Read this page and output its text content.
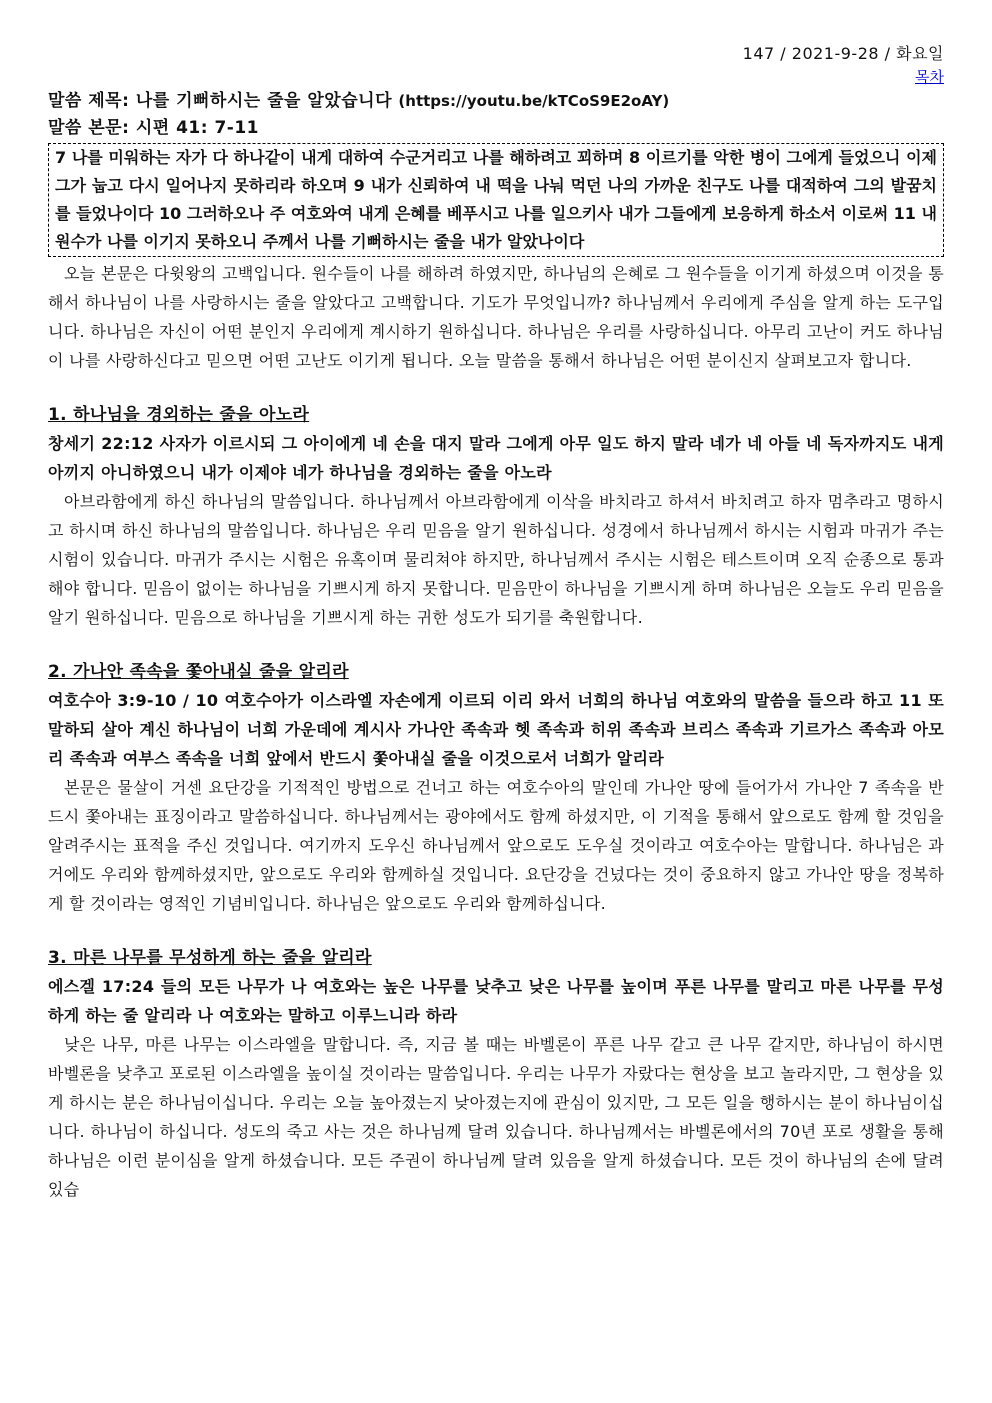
147 / 2021-9-28 / 화요일
목차
말씀 제목: 나를 기뻐하시는 줄을 알았습니다 (https://youtu.be/kTCoS9E2oAY)
말씀 본문: 시편 41: 7-11
7 나를 미워하는 자가 다 하나같이 내게 대하여 수군거리고 나를 해하려고 꾀하며 8 이르기를 악한 병이 그에게 들었으니 이제 그가 눕고 다시 일어나지 못하리라 하오며 9 내가 신뢰하여 내 떡을 나눠 먹던 나의 가까운 친구도 나를 대적하여 그의 발꿈치를 들었나이다 10 그러하오나 주 여호와여 내게 은혜를 베푸시고 나를 일으키사 내가 그들에게 보응하게 하소서 이로써 11 내 원수가 나를 이기지 못하오니 주께서 나를 기뻐하시는 줄을 내가 알았나이다
오늘 본문은 다윗왕의 고백입니다. 원수들이 나를 해하려 하였지만, 하나님의 은혜로 그 원수들을 이기게 하셨으며 이것을 통해서 하나님이 나를 사랑하시는 줄을 알았다고 고백합니다. 기도가 무엇입니까? 하나님께서 우리에게 주심을 알게 하는 도구입니다. 하나님은 자신이 어떤 분인지 우리에게 계시하기 원하십니다. 하나님은 우리를 사랑하십니다. 아무리 고난이 커도 하나님이 나를 사랑하신다고 믿으면 어떤 고난도 이기게 됩니다. 오늘 말씀을 통해서 하나님은 어떤 분이신지 살펴보고자 합니다.
1. 하나님을 경외하는 줄을 아노라
창세기 22:12 사자가 이르시되 그 아이에게 네 손을 대지 말라 그에게 아무 일도 하지 말라 네가 네 아들 네 독자까지도 내게 아끼지 아니하였으니 내가 이제야 네가 하나님을 경외하는 줄을 아노라
아브라함에게 하신 하나님의 말씀입니다. 하나님께서 아브라함에게 이삭을 바치라고 하셔서 바치려고 하자 멈추라고 명하시고 하시며 하신 하나님의 말씀입니다. 하나님은 우리 믿음을 알기 원하십니다. 성경에서 하나님께서 하시는 시험과 마귀가 주는 시험이 있습니다. 마귀가 주시는 시험은 유혹이며 물리쳐야 하지만, 하나님께서 주시는 시험은 테스트이며 오직 순종으로 통과해야 합니다. 믿음이 없이는 하나님을 기쁘시게 하지 못합니다. 믿음만이 하나님을 기쁘시게 하며 하나님은 오늘도 우리 믿음을 알기 원하십니다. 믿음으로 하나님을 기쁘시게 하는 귀한 성도가 되기를 축원합니다.
2. 가나안 족속을 쫓아내실 줄을 알리라
여호수아 3:9-10 / 10 여호수아가 이스라엘 자손에게 이르되 이리 와서 너희의 하나님 여호와의 말씀을 들으라 하고 11 또 말하되 살아 계신 하나님이 너희 가운데에 계시사 가나안 족속과 헷 족속과 히위 족속과 브리스 족속과 기르가스 족속과 아모리 족속과 여부스 족속을 너희 앞에서 반드시 쫓아내실 줄을 이것으로서 너희가 알리라
본문은 물살이 거센 요단강을 기적적인 방법으로 건너고 하는 여호수아의 말인데 가나안 땅에 들어가서 가나안 7 족속을 반드시 쫓아내는 표징이라고 말씀하십니다. 하나님께서는 광야에서도 함께 하셨지만, 이 기적을 통해서 앞으로도 함께 할 것임을 알려주시는 표적을 주신 것입니다. 여기까지 도우신 하나님께서 앞으로도 도우실 것이라고 여호수아는 말합니다. 하나님은 과거에도 우리와 함께하셨지만, 앞으로도 우리와 함께하실 것입니다. 요단강을 건넜다는 것이 중요하지 않고 가나안 땅을 정복하게 할 것이라는 영적인 기념비입니다. 하나님은 앞으로도 우리와 함께하십니다.
3. 마른 나무를 무성하게 하는 줄을 알리라
에스겔 17:24 들의 모든 나무가 나 여호와는 높은 나무를 낮추고 낮은 나무를 높이며 푸른 나무를 말리고 마른 나무를 무성하게 하는 줄 알리라 나 여호와는 말하고 이루느니라 하라
낮은 나무, 마른 나무는 이스라엘을 말합니다. 즉, 지금 볼 때는 바벨론이 푸른 나무 같고 큰 나무 같지만, 하나님이 하시면 바벨론을 낮추고 포로된 이스라엘을 높이실 것이라는 말씀입니다. 우리는 나무가 자랐다는 현상을 보고 놀라지만, 그 현상을 있게 하시는 분은 하나님이십니다. 우리는 오늘 높아졌는지 낮아졌는지에 관심이 있지만, 그 모든 일을 행하시는 분이 하나님이십니다. 하나님이 하십니다. 성도의 죽고 사는 것은 하나님께 달려 있습니다. 하나님께서는 바벨론에서의 70년 포로 생활을 통해 하나님은 이런 분이심을 알게 하셨습니다. 모든 주권이 하나님께 달려 있음을 알게 하셨습니다. 모든 것이 하나님의 손에 달려 있습
